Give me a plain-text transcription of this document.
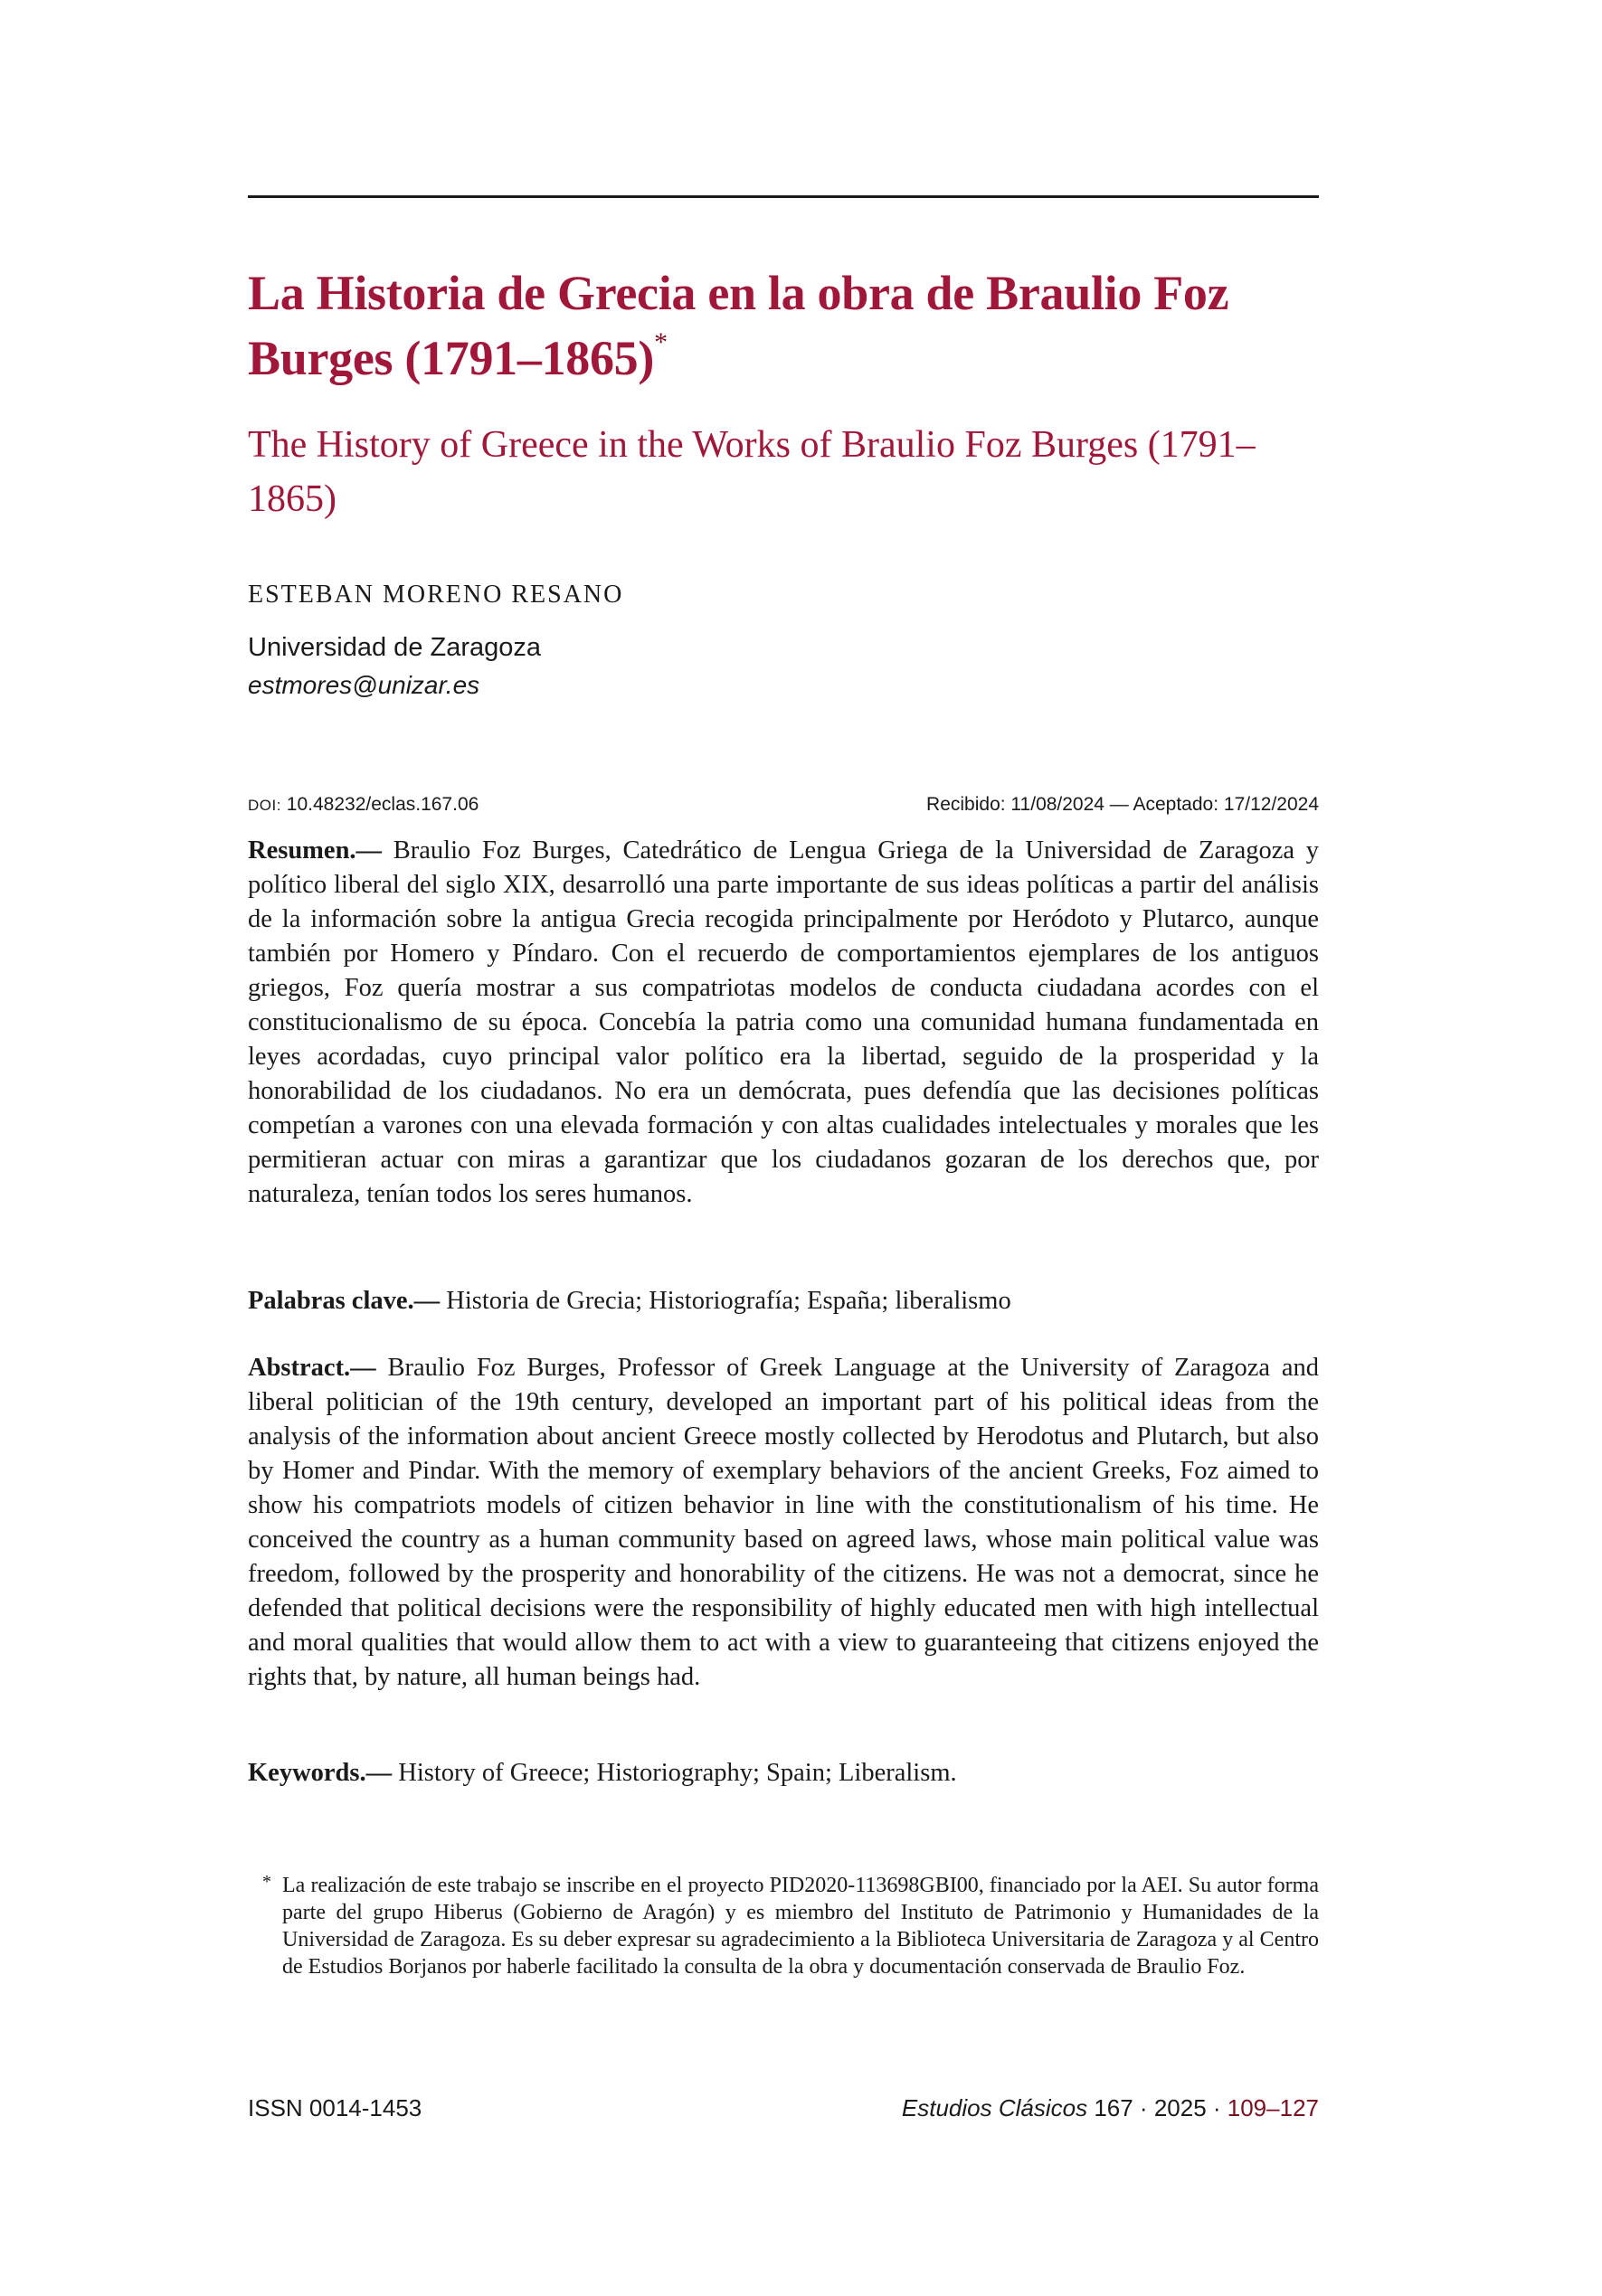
La Historia de Grecia en la obra de Braulio Foz Burges (1791–1865)*
The History of Greece in the Works of Braulio Foz Burges (1791–1865)

ESTEBAN MORENO RESANO

Universidad de Zaragoza

estmores@unizar.es

DOI: 10.48232/eclas.167.06	Recibido: 11/08/2024 — Aceptado: 17/12/2024

Resumen.— Braulio Foz Burges, Catedrático de Lengua Griega de la Universidad de Zaragoza y político liberal del siglo XIX, desarrolló una parte importante de sus ideas políticas a partir del análisis de la información sobre la antigua Grecia recogida principalmente por Heródoto y Plutarco, aunque también por Homero y Píndaro. Con el recuerdo de comportamientos ejemplares de los antiguos griegos, Foz quería mostrar a sus compatriotas modelos de conducta ciudadana acordes con el constitucionalismo de su época. Concebía la patria como una comunidad humana fundamentada en leyes acordadas, cuyo principal valor político era la libertad, seguido de la prosperidad y la honorabilidad de los ciudadanos. No era un demócrata, pues defendía que las decisiones políticas competían a varones con una elevada formación y con altas cualidades intelectuales y morales que les permitieran actuar con miras a garantizar que los ciudadanos gozaran de los derechos que, por naturaleza, tenían todos los seres humanos.

Palabras clave.— Historia de Grecia; Historiografía; España; liberalismo

Abstract.— Braulio Foz Burges, Professor of Greek Language at the University of Zaragoza and liberal politician of the 19th century, developed an important part of his political ideas from the analysis of the information about ancient Greece mostly collected by Herodotus and Plutarch, but also by Homer and Pindar. With the memory of exemplary behaviors of the ancient Greeks, Foz aimed to show his compatriots models of citizen behavior in line with the constitutionalism of his time. He conceived the country as a human community based on agreed laws, whose main political value was freedom, followed by the prosperity and honorability of the citizens. He was not a democrat, since he defended that political decisions were the responsibility of highly educated men with high intellectual and moral qualities that would allow them to act with a view to guaranteeing that citizens enjoyed the rights that, by nature, all human beings had.

Keywords.— History of Greece; Historiography; Spain; Liberalism.

* La realización de este trabajo se inscribe en el proyecto PID2020-113698GBI00, financiado por la AEI. Su autor forma parte del grupo Hiberus (Gobierno de Aragón) y es miembro del Instituto de Patrimonio y Humanidades de la Universidad de Zaragoza. Es su deber expresar su agradecimiento a la Biblioteca Universitaria de Zaragoza y al Centro de Estudios Borjanos por haberle facilitado la consulta de la obra y documentación conservada de Braulio Foz.

ISSN 0014-1453	Estudios Clásicos 167 · 2025 · 109–127
